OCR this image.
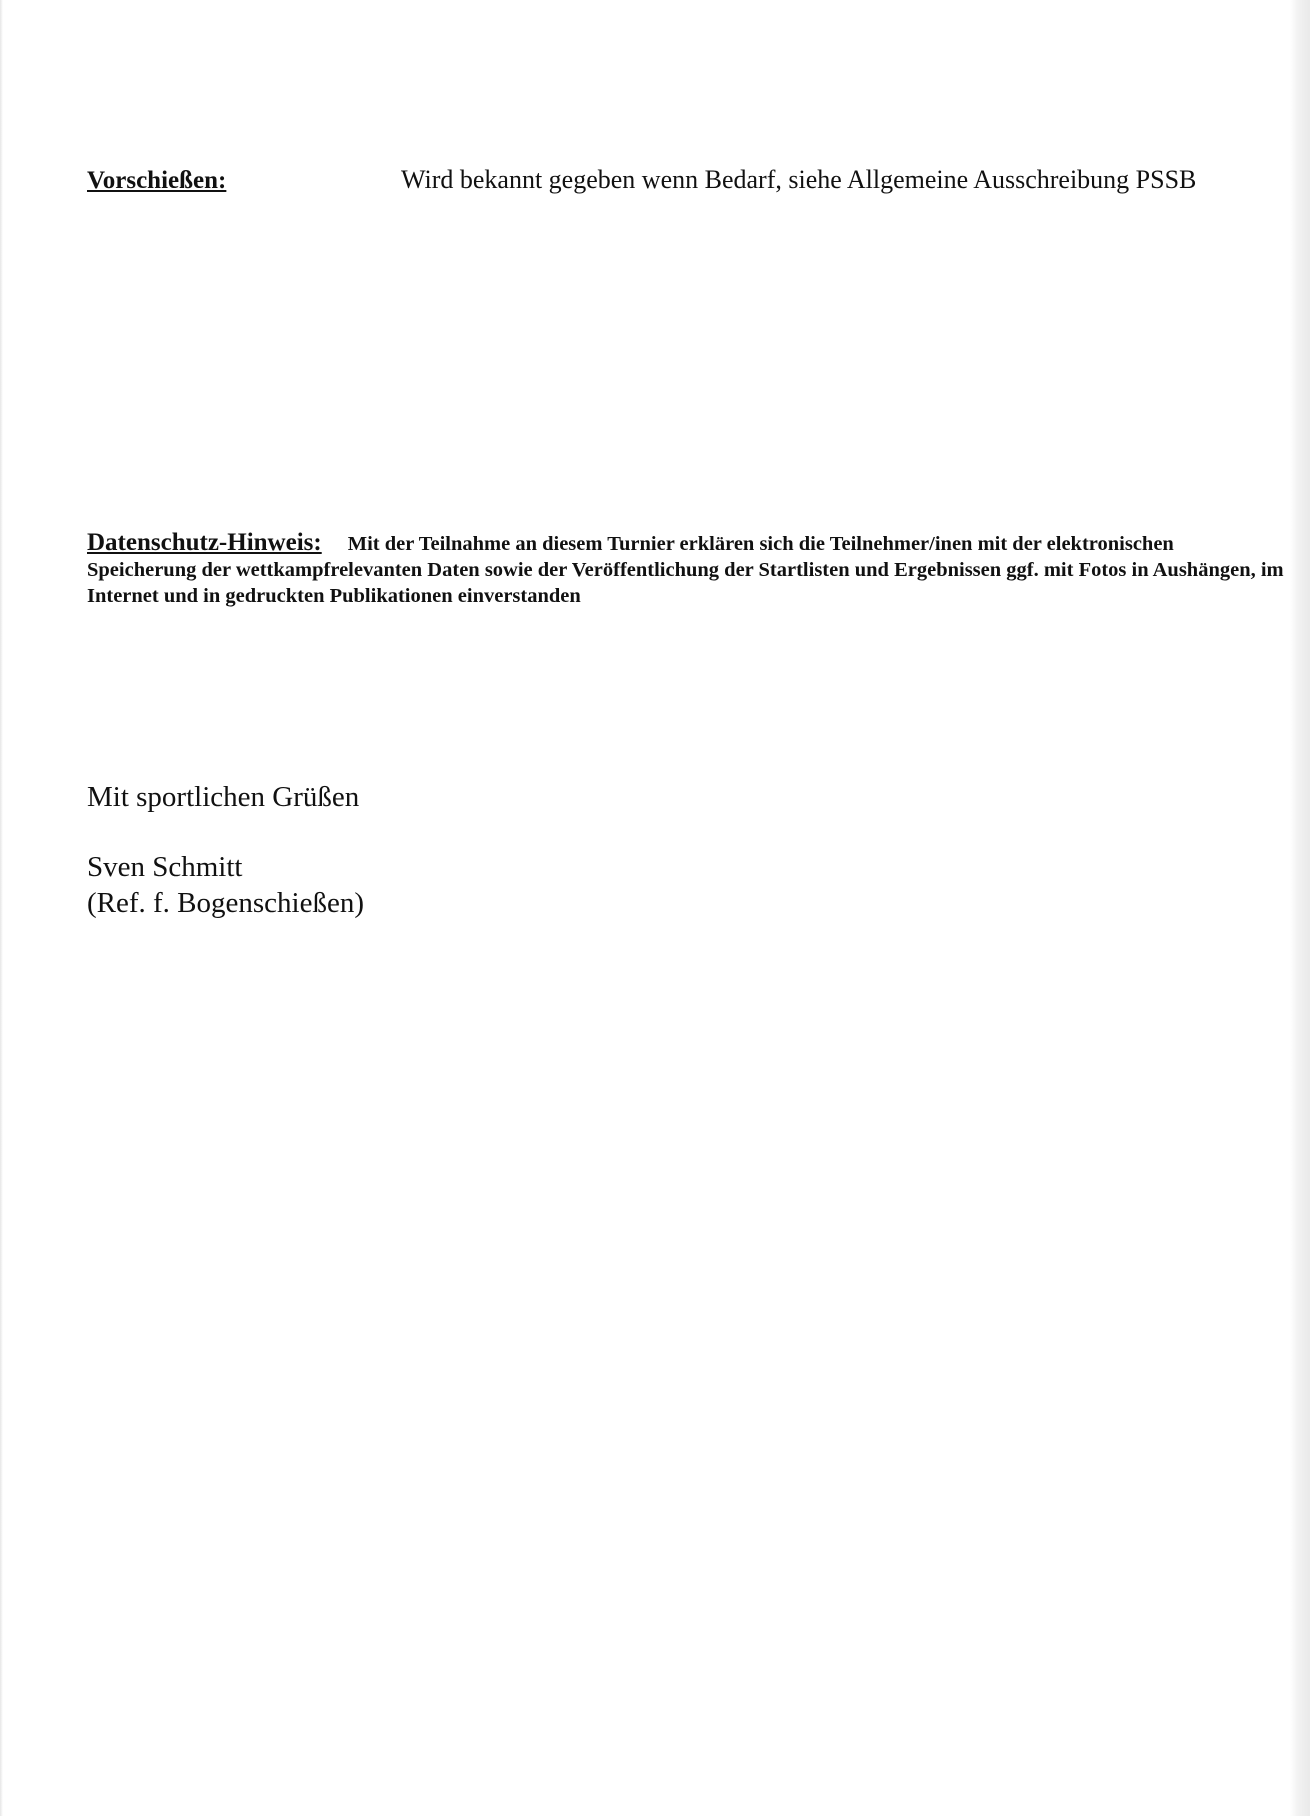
Vorschießen:	Wird bekannt gegeben wenn Bedarf, siehe Allgemeine Ausschreibung PSSB
Datenschutz-Hinweis: Mit der Teilnahme an diesem Turnier erklären sich die Teilnehmer/inen mit der elektronischen Speicherung der wettkampfrelevanten Daten sowie der Veröffentlichung der Startlisten und Ergebnissen ggf. mit Fotos in Aushängen, im Internet und in gedruckten Publikationen einverstanden
Mit sportlichen Grüßen
Sven Schmitt
(Ref. f. Bogenschießen)
